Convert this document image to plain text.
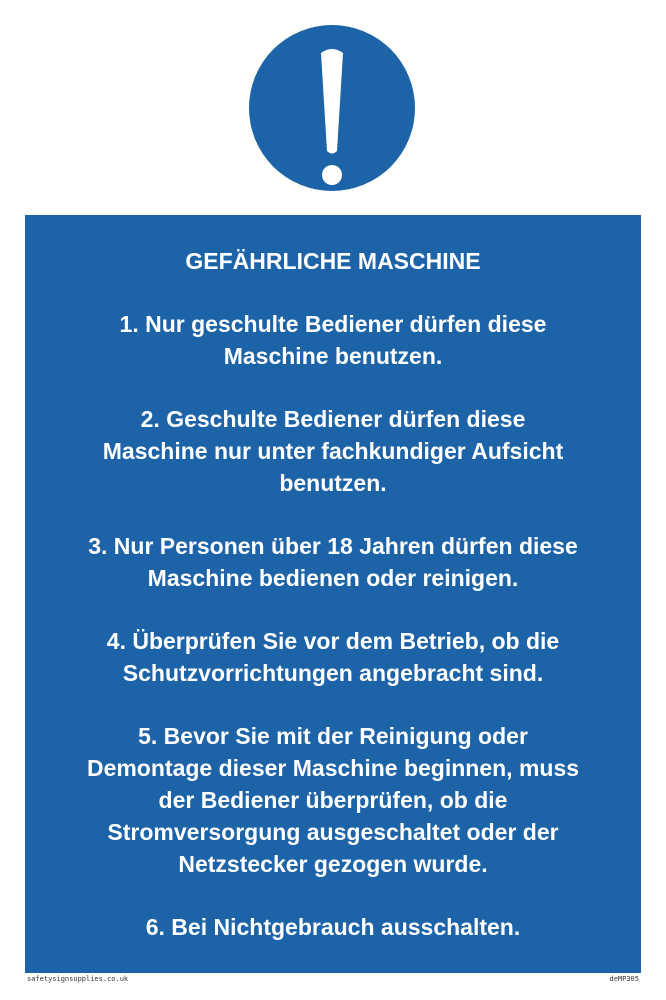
GEFÄHRLICHE MASCHINE
1. Nur geschulte Bediener dürfen diese
Maschine benutzen.
2. Geschulte Bediener dürfen diese
Maschine nur unter fachkundiger Aufsicht
benutzen.
3. Nur Personen über 18 Jahren dürfen diese
Maschine bedienen oder reinigen.
4. Überprüfen Sie vor dem Betrieb, ob die
Schutzvorrichtungen angebracht sind.
5. Bevor Sie mit der Reinigung oder
Demontage dieser Maschine beginnen, muss
der Bediener überprüfen, ob die
Stromversorgung ausgeschaltet oder der
Netzstecker gezogen wurde.
6. Bei Nichtgebrauch ausschalten.
safetysignsupplies.co.uk	deMP305
